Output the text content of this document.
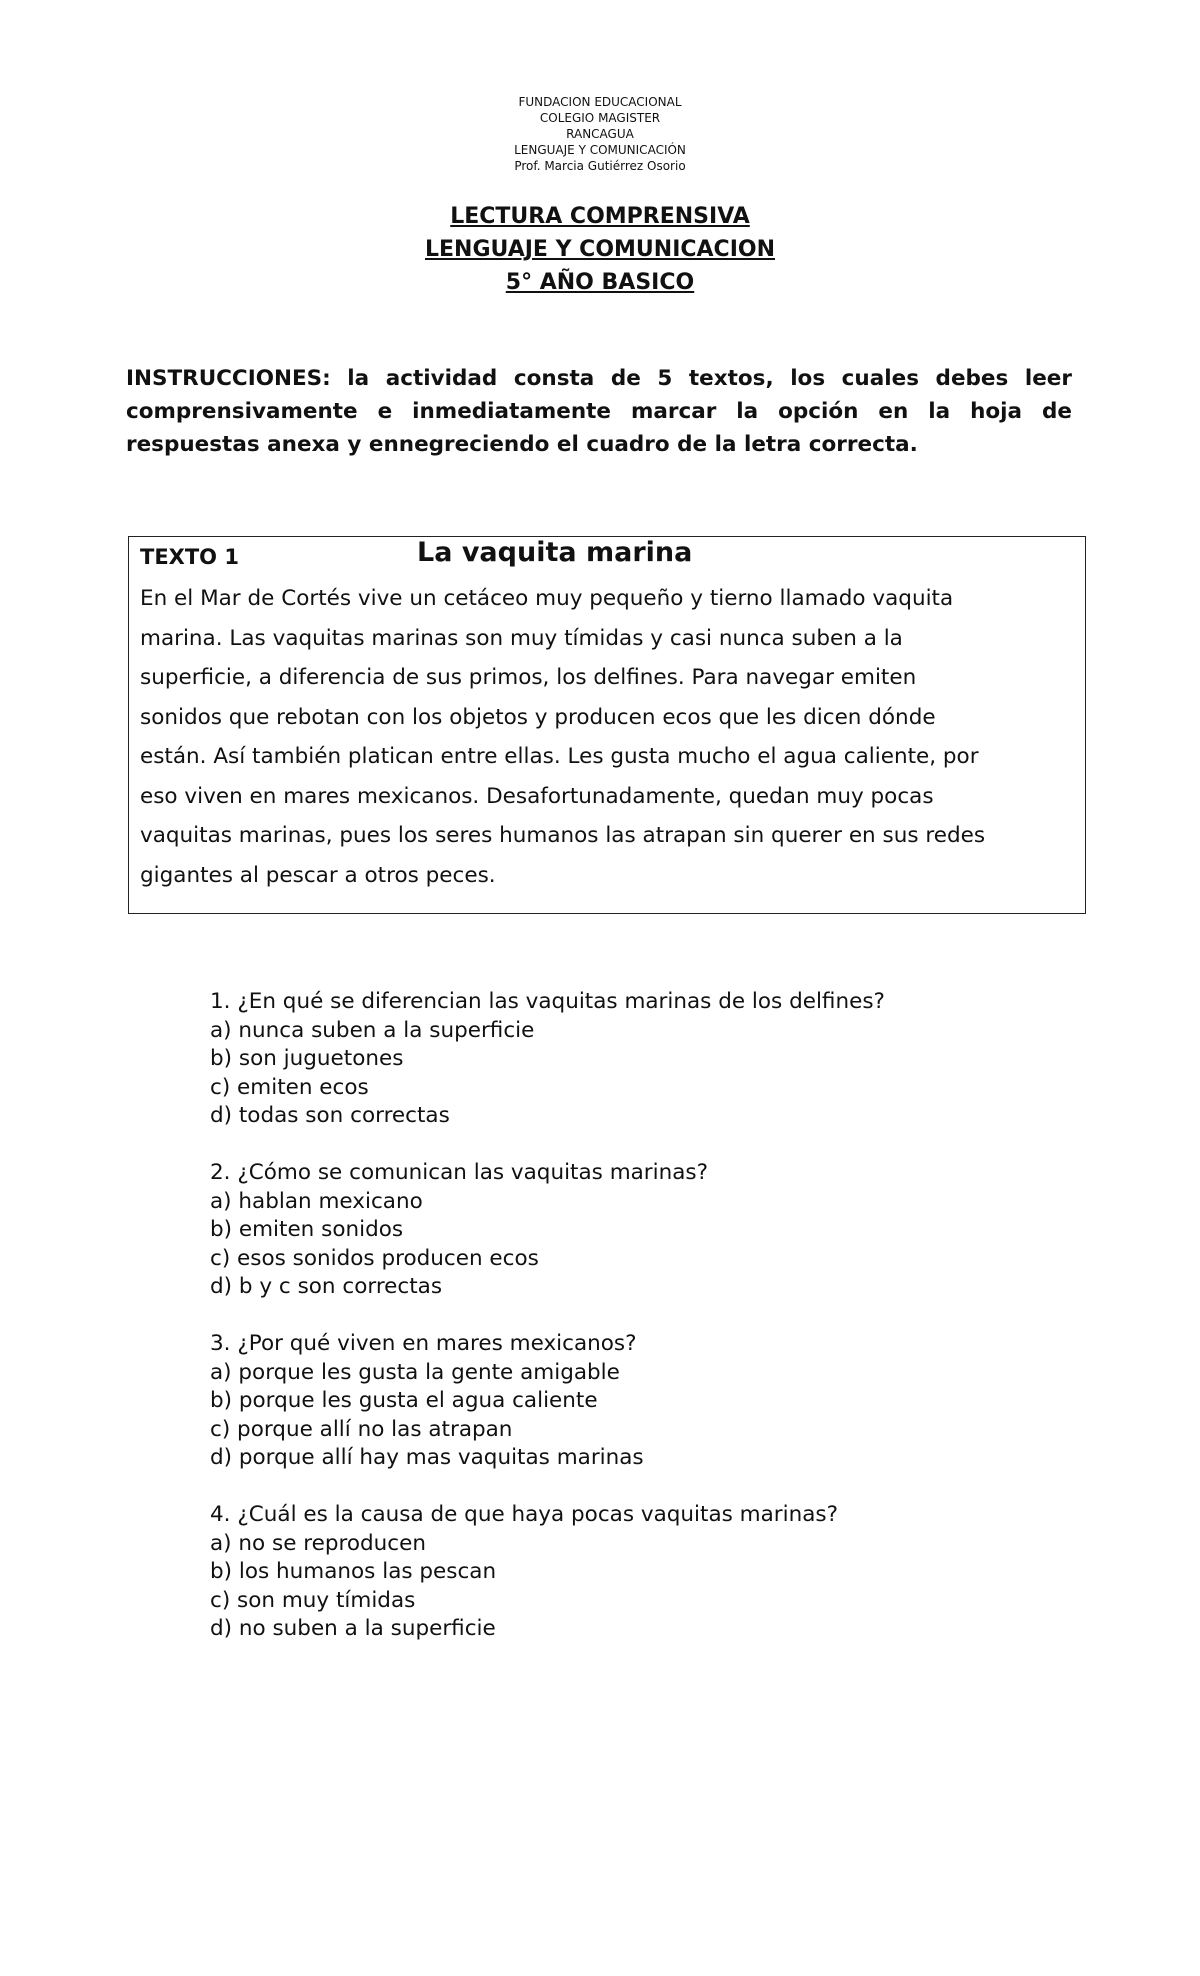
FUNDACION EDUCACIONAL
COLEGIO MAGISTER
RANCAGUA
LENGUAJE Y COMUNICACIÓN
Prof. Marcia Gutiérrez Osorio
LECTURA COMPRENSIVA
LENGUAJE Y COMUNICACION
5° AÑO BASICO
INSTRUCCIONES: la actividad consta de 5 textos, los cuales debes leer comprensivamente e inmediatamente marcar la opción en la hoja de respuestas anexa y ennegreciendo el cuadro de la letra correcta.
TEXTO 1	La vaquita marina
En el Mar de Cortés vive un cetáceo muy pequeño y tierno llamado vaquita
marina. Las vaquitas marinas son muy tímidas y casi nunca suben a la
superficie, a diferencia de sus primos, los delfines. Para navegar emiten
sonidos que rebotan con los objetos y producen ecos que les dicen dónde
están. Así también platican entre ellas. Les gusta mucho el agua caliente, por
eso viven en mares mexicanos. Desafortunadamente, quedan muy pocas
vaquitas marinas, pues los seres humanos las atrapan sin querer en sus redes
gigantes al pescar a otros peces.
1. ¿En qué se diferencian las vaquitas marinas de los delfines?
a) nunca suben a la superficie
b) son juguetones
c) emiten ecos
d) todas son correctas
2. ¿Cómo se comunican las vaquitas marinas?
a) hablan mexicano
b) emiten sonidos
c) esos sonidos producen ecos
d) b y c son correctas
3. ¿Por qué viven en mares mexicanos?
a) porque les gusta la gente amigable
b) porque les gusta el agua caliente
c) porque allí no las atrapan
d) porque allí hay mas vaquitas marinas
4. ¿Cuál es la causa de que haya pocas vaquitas marinas?
a) no se reproducen
b) los humanos las pescan
c) son muy tímidas
d) no suben a la superficie
